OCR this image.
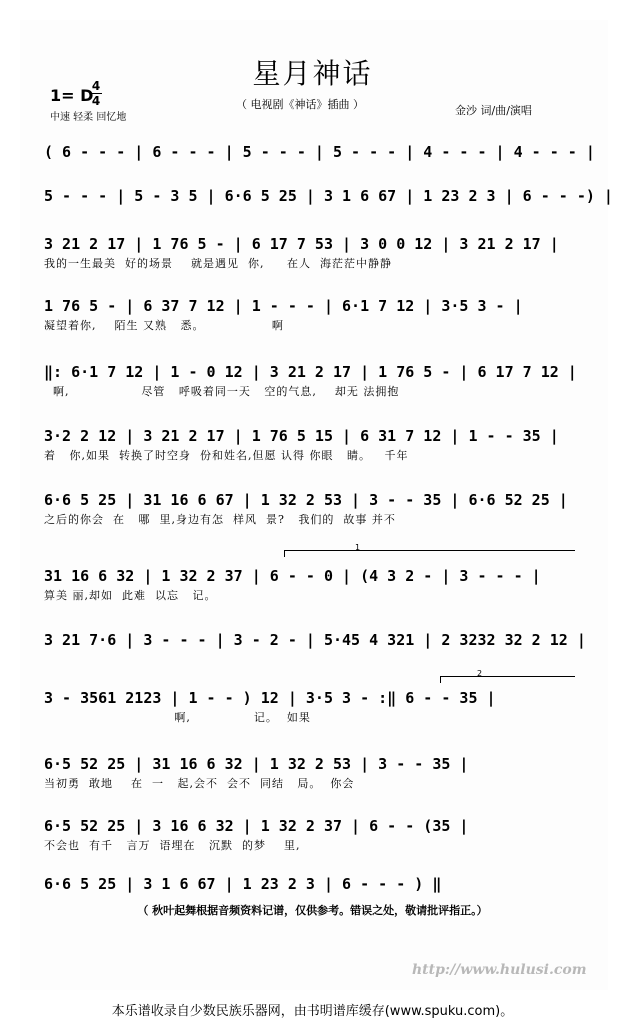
星月神话
（ 电视剧《神话》插曲 ）
1= D
4
4
中速 轻柔 回忆地
金沙 词/曲/演唱
( 6 - - - | 6 - - - | 5 - - - | 5 - - - | 4 - - - | 4 - - - |
5 - - - | 5 - 3 5 | 6·6 5 25 | 3 1 6 67 | 1 23 2 3 | 6 - - -) |
3 21 2 17 | 1 76 5 - | 6 17 7 53 | 3 0 0 12 | 3 21 2 17 |
我的一生最美  好的场景    就是遇见  你,     在人  海茫茫中静静
1 76 5 - | 6 37 7 12 | 1 - - - | 6·1 7 12 | 3·5 3 - |
凝望着你,    陌生 又熟   悉。               啊
‖: 6·1 7 12 | 1 - 0 12 | 3 21 2 17 | 1 76 5 - | 6 17 7 12 |
啊,                尽管   呼吸着同一天   空的气息,    却无 法拥抱
3·2 2 12 | 3 21 2 17 | 1 76 5 15 | 6 31 7 12 | 1 - - 35 |
着   你,如果  转换了时空身  份和姓名,但愿 认得 你眼   睛。   千年
6·6 5 25 | 31 16 6 67 | 1 32 2 53 | 3 - - 35 | 6·6 52 25 |
之后的你会  在   哪  里,身边有怎  样风  景?   我们的  故事 并不
1
31 16 6 32 | 1 32 2 37 | 6 - - 0 | (4 3 2 - | 3 - - - |
算美 丽,却如  此难  以忘   记。
3 21 7·6 | 3 - - - | 3 - 2 - | 5·45 4 321 | 2 3232 32 2 12 |
2
3 - 3561 2123 | 1 - - ) 12 | 3·5 3 - :‖ 6 - - 35 |
啊,              记。  如果
6·5 52 25 | 31 16 6 32 | 1 32 2 53 | 3 - - 35 |
当初勇  敢地    在  一   起,会不  会不  同结   局。  你会
6·5 52 25 | 3 16 6 32 | 1 32 2 37 | 6 - - (35 |
不会也  有千   言万  语埋在   沉默  的梦    里,
6·6 5 25 | 3 1 6 67 | 1 23 2 3 | 6 - - - ) ‖
（ 秋叶起舞根据音频资料记谱，仅供参考。错误之处，敬请批评指正。）
http://www.hulusi.com
本乐谱收录自少数民族乐器网，由书明谱库缓存(www.spuku.com)。
